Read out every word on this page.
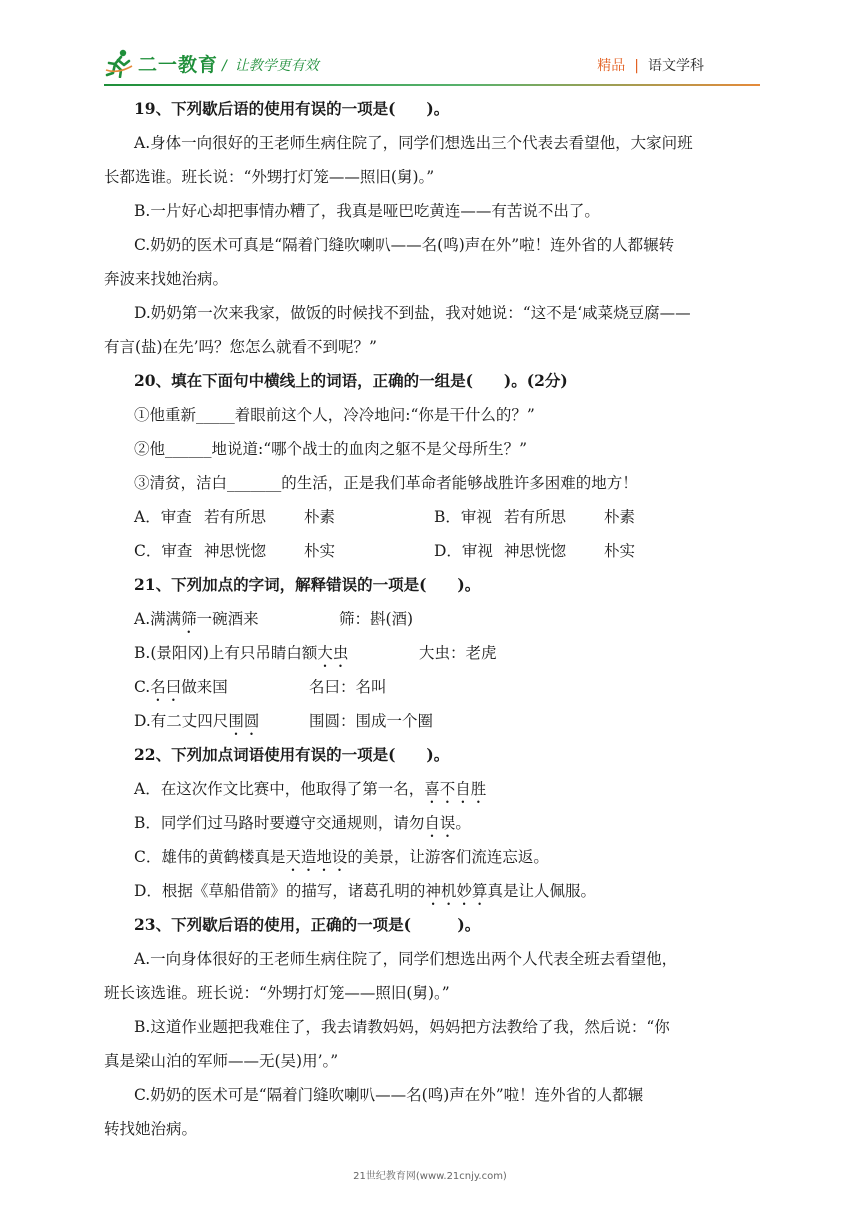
二一教育 / 让教学更有效	精品 | 语文学科
19、下列歇后语的使用有误的一项是(　　)。
A.身体一向很好的王老师生病住院了，同学们想选出三个代表去看望他，大家问班
长都选谁。班长说：“外甥打灯笼——照旧(舅)。”
B.一片好心却把事情办糟了，我真是哑巴吃黄连——有苦说不出了。
C.奶奶的医术可真是“隔着门缝吹喇叭——名(鸣)声在外”啦！连外省的人都辗转
奔波来找她治病。
D.奶奶第一次来我家，做饭的时候找不到盐，我对她说：“这不是‘咸菜烧豆腐——
有言(盐)在先’吗？您怎么就看不到呢？”
20、填在下面句中横线上的词语，正确的一组是(　　)。(2分)
①他重新_____着眼前这个人，冷冷地问:“你是干什么的？”
②他______地说道:“哪个战士的血肉之躯不是父母所生？”
③清贫，洁白_______的生活，正是我们革命者能够战胜许多困难的地方！
A．审查 若有所思	朴素	B．审视 若有所思	朴素
C．审查 神思恍惚	朴实	D．审视 神思恍惚	朴实
21、下列加点的字词，解释错误的一项是(　　)。
A.满满筛一碗酒来	筛：斟(酒)
B.(景阳冈)上有只吊睛白额大虫	大虫：老虎
C.名曰做来国	名曰：名叫
D.有二丈四尺围圆	围圆：围成一个圈
22、下列加点词语使用有误的一项是(　　)。
A．在这次作文比赛中，他取得了第一名，喜不自胜
B．同学们过马路时要遵守交通规则，请勿自误。
C．雄伟的黄鹤楼真是天造地设的美景，让游客们流连忘返。
D．根据《草船借箭》的描写，诸葛孔明的神机妙算真是让人佩服。
23、下列歇后语的使用，正确的一项是(　　　)。
A.一向身体很好的王老师生病住院了，同学们想选出两个人代表全班去看望他，
班长该选谁。班长说：“外甥打灯笼——照旧(舅)。”
B.这道作业题把我难住了，我去请教妈妈，妈妈把方法教给了我，然后说：“你
真是梁山泊的军师——无(吴)用’。”
C.奶奶的医术可是“隔着门缝吹喇叭——名(鸣)声在外”啦！连外省的人都辗
转找她治病。
21世纪教育网(www.21cnjy.com)
